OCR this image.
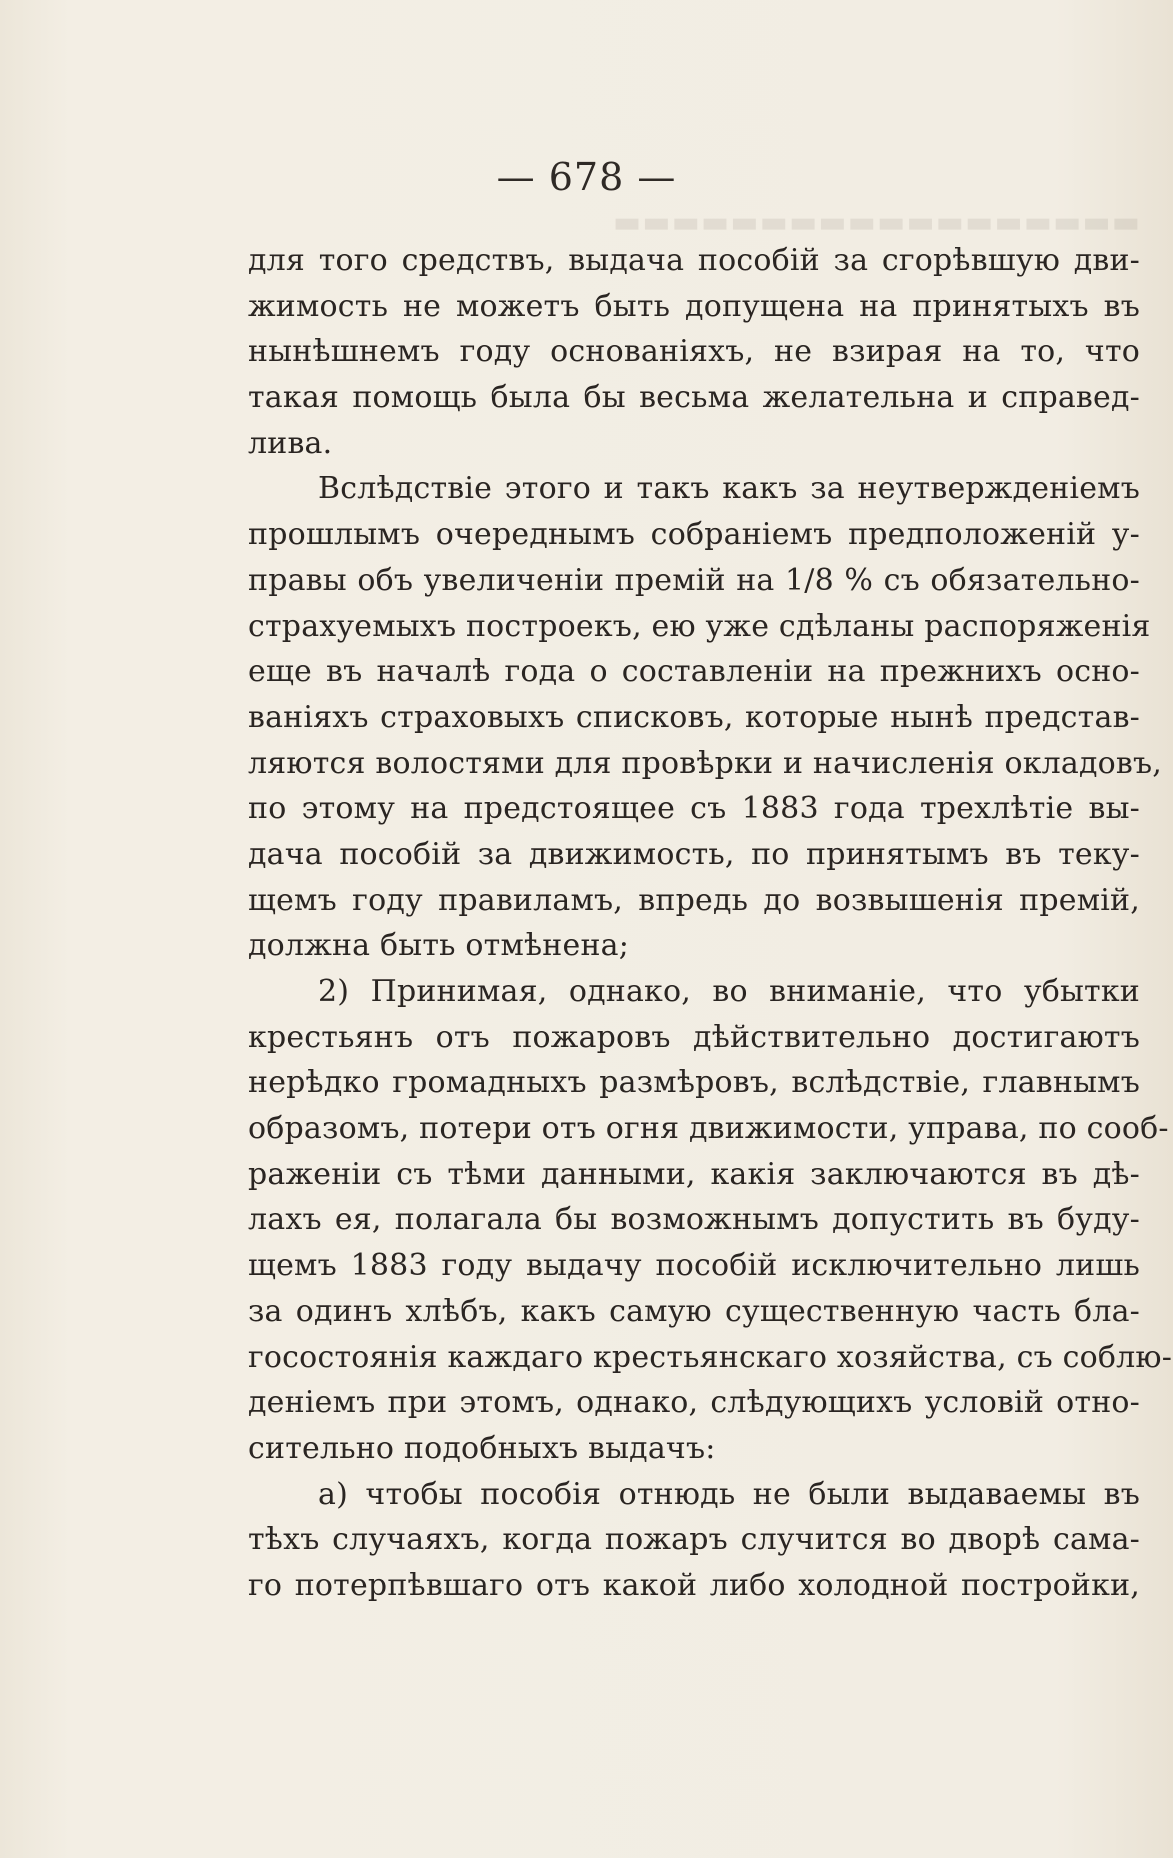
▬▬▬▬▬▬▬▬▬▬▬▬▬▬▬▬▬▬
— 678 —
для того средствъ, выдача пособій за сгорѣвшую дви-
жимость не можетъ быть допущена на принятыхъ въ
нынѣшнемъ году основаніяхъ, не взирая на то, что
такая помощь была бы весьма желательна и справед-
лива.
Вслѣдствіе этого и такъ какъ за неутвержденіемъ
прошлымъ очереднымъ собраніемъ предположеній у-
правы объ увеличеніи премій на 1/8 % съ обязательно-
страхуемыхъ построекъ, ею уже сдѣланы распоряженія
еще въ началѣ года о составленіи на прежнихъ осно-
ваніяхъ страховыхъ списковъ, которые нынѣ представ-
ляются волостями для провѣрки и начисленія окладовъ,
по этому на предстоящее съ 1883 года трехлѣтіе вы-
дача пособій за движимость, по принятымъ въ теку-
щемъ году правиламъ, впредь до возвышенія премій,
должна быть отмѣнена;
2) Принимая, однако, во вниманіе, что убытки
крестьянъ отъ пожаровъ дѣйствительно достигаютъ
нерѣдко громадныхъ размѣровъ, вслѣдствіе, главнымъ
образомъ, потери отъ огня движимости, управа, по сооб-
раженіи съ тѣми данными, какія заключаются въ дѣ-
лахъ ея, полагала бы возможнымъ допустить въ буду-
щемъ 1883 году выдачу пособій исключительно лишь
за одинъ хлѣбъ, какъ самую существенную часть бла-
госостоянія каждаго крестьянскаго хозяйства, съ соблю-
деніемъ при этомъ, однако, слѣдующихъ условій отно-
сительно подобныхъ выдачъ:
а) чтобы пособія отнюдь не были выдаваемы въ
тѣхъ случаяхъ, когда пожаръ случится во дворѣ сама-
го потерпѣвшаго отъ какой либо холодной постройки,
